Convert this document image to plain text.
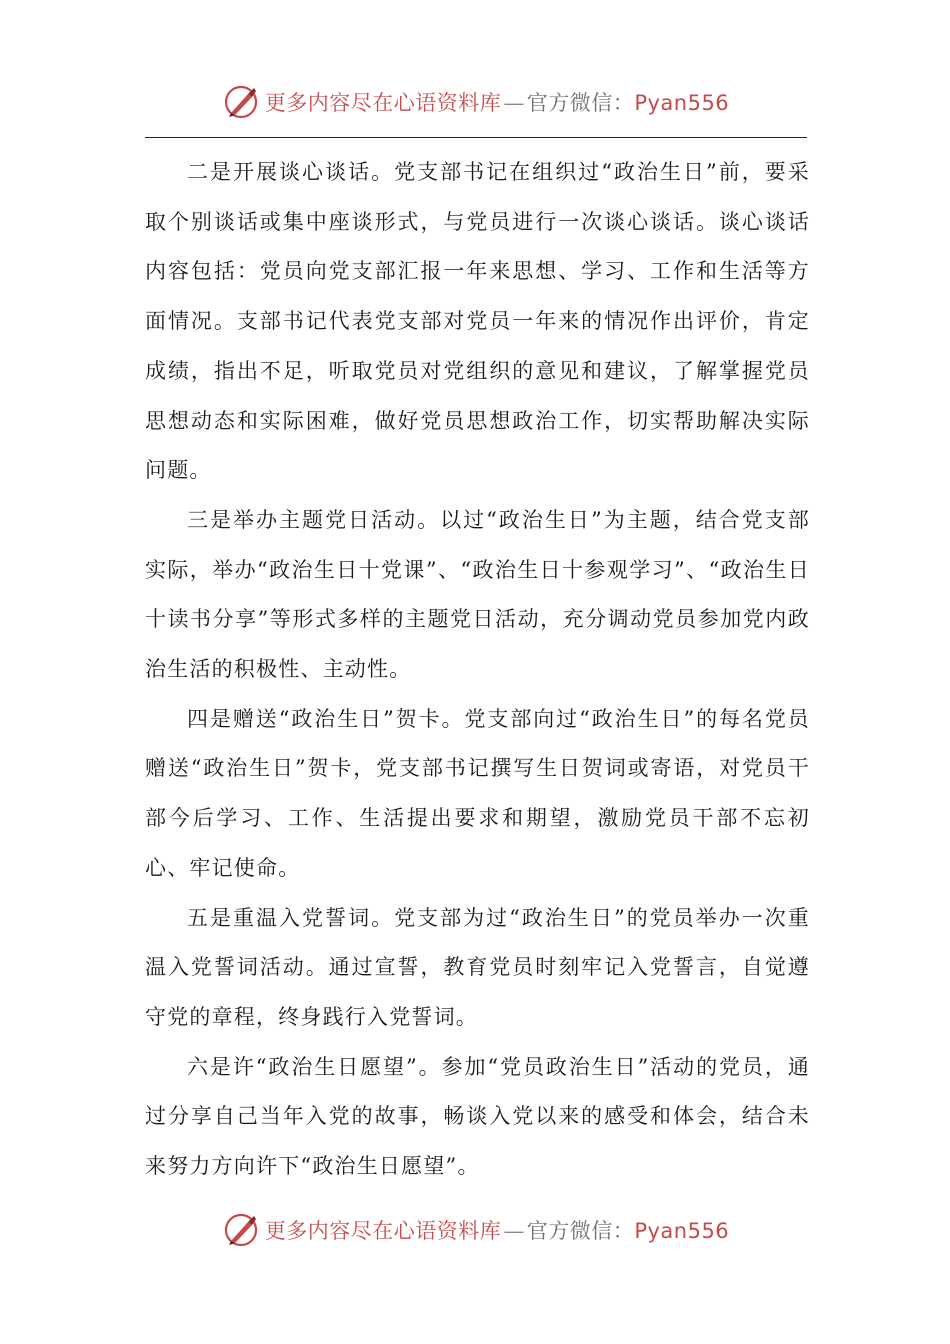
更多内容尽在心语资料库—官方微信：Pyan556

二是开展谈心谈话。党支部书记在组织过“政治生日”前，要采取个别谈话或集中座谈形式，与党员进行一次谈心谈话。谈心谈话内容包括：党员向党支部汇报一年来思想、学习、工作和生活等方面情况。支部书记代表党支部对党员一年来的情况作出评价，肯定成绩，指出不足，听取党员对党组织的意见和建议，了解掌握党员思想动态和实际困难，做好党员思想政治工作，切实帮助解决实际问题。

三是举办主题党日活动。以过“政治生日”为主题，结合党支部实际，举办“政治生日十党课”、“政治生日十参观学习”、“政治生日十读书分享”等形式多样的主题党日活动，充分调动党员参加党内政治生活的积极性、主动性。

四是赠送“政治生日”贺卡。党支部向过“政治生日”的每名党员赠送“政治生日”贺卡，党支部书记撰写生日贺词或寄语，对党员干部今后学习、工作、生活提出要求和期望，激励党员干部不忘初心、牢记使命。

五是重温入党誓词。党支部为过“政治生日”的党员举办一次重温入党誓词活动。通过宣誓，教育党员时刻牢记入党誓言，自觉遵守党的章程，终身践行入党誓词。

六是许“政治生日愿望”。参加“党员政治生日”活动的党员，通过分享自己当年入党的故事，畅谈入党以来的感受和体会，结合未来努力方向许下“政治生日愿望”。

更多内容尽在心语资料库—官方微信：Pyan556
